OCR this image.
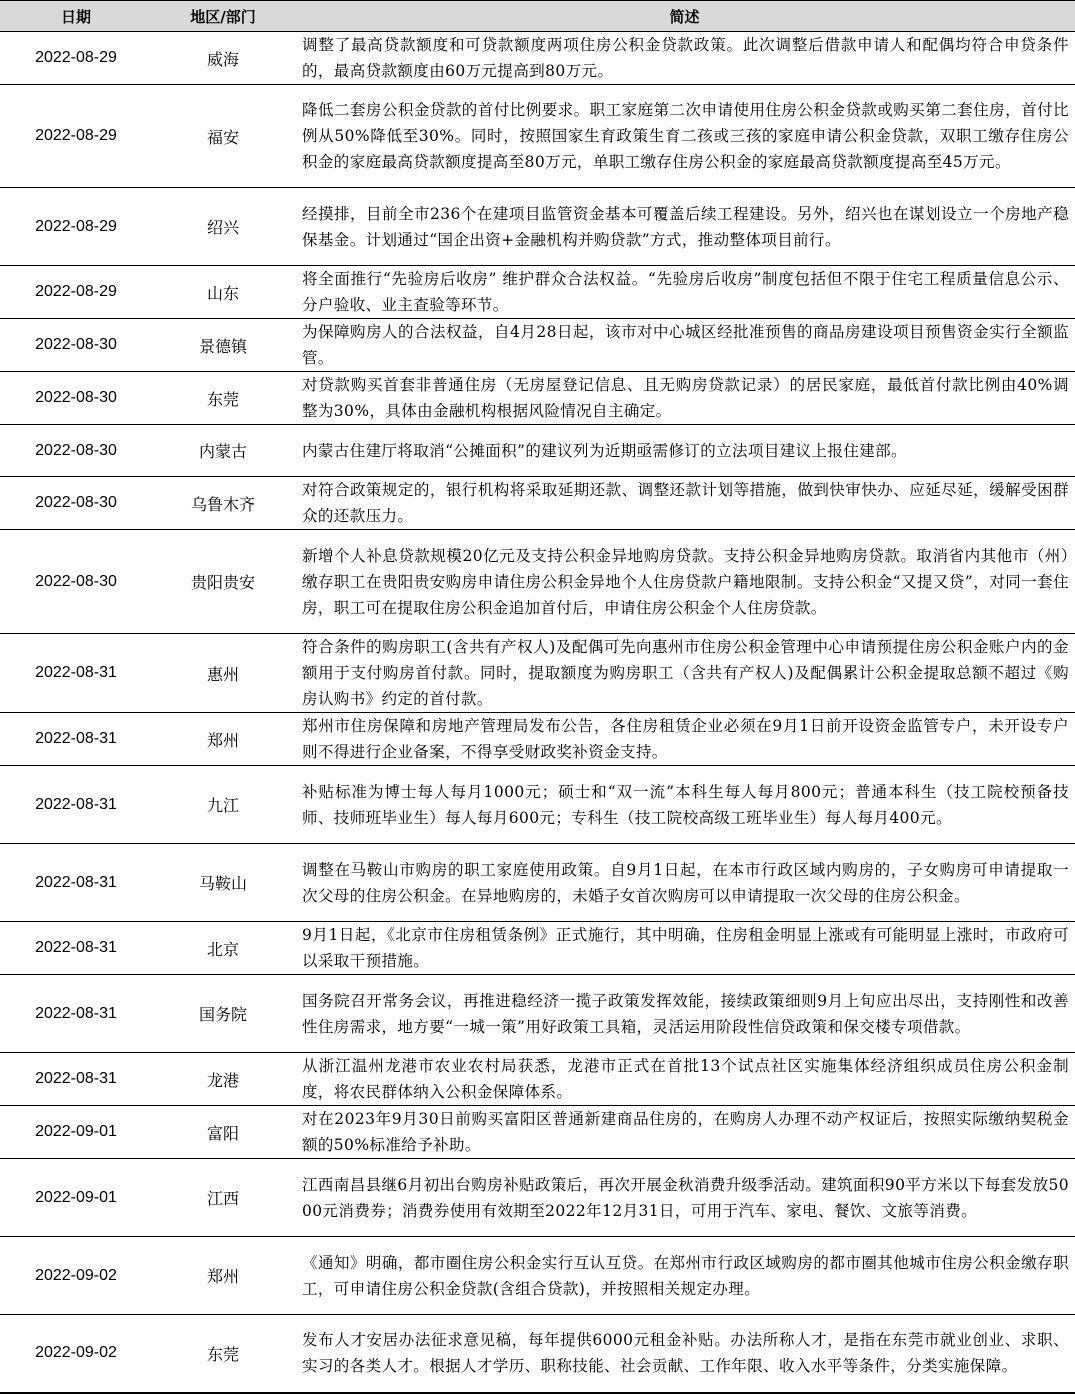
日期	地区/部门	简述
2022-08-29	威海	调整了最高贷款额度和可贷款额度两项住房公积金贷款政策。此次调整后借款申请人和配偶均符合申贷条件的，最高贷款额度由60万元提高到80万元。
2022-08-29	福安	降低二套房公积金贷款的首付比例要求。职工家庭第二次申请使用住房公积金贷款或购买第二套住房，首付比例从50%降低至30%。同时，按照国家生育政策生育二孩或三孩的家庭申请公积金贷款，双职工缴存住房公积金的家庭最高贷款额度提高至80万元，单职工缴存住房公积金的家庭最高贷款额度提高至45万元。
2022-08-29	绍兴	经摸排，目前全市236个在建项目监管资金基本可覆盖后续工程建设。另外，绍兴也在谋划设立一个房地产稳保基金。计划通过“国企出资+金融机构并购贷款”方式，推动整体项目前行。
2022-08-29	山东	将全面推行“先验房后收房” 维护群众合法权益。“先验房后收房”制度包括但不限于住宅工程质量信息公示、分户验收、业主查验等环节。
2022-08-30	景德镇	为保障购房人的合法权益，自4月28日起，该市对中心城区经批准预售的商品房建设项目预售资金实行全额监管。
2022-08-30	东莞	对贷款购买首套非普通住房（无房屋登记信息、且无购房贷款记录）的居民家庭，最低首付款比例由40%调整为30%，具体由金融机构根据风险情况自主确定。
2022-08-30	内蒙古	内蒙古住建厅将取消“公摊面积”的建议列为近期亟需修订的立法项目建议上报住建部。
2022-08-30	乌鲁木齐	对符合政策规定的，银行机构将采取延期还款、调整还款计划等措施，做到快审快办、应延尽延，缓解受困群众的还款压力。
2022-08-30	贵阳贵安	新增个人补息贷款规模20亿元及支持公积金异地购房贷款。支持公积金异地购房贷款。取消省内其他市（州）缴存职工在贵阳贵安购房申请住房公积金异地个人住房贷款户籍地限制。支持公积金“又提又贷”，对同一套住房，职工可在提取住房公积金追加首付后，申请住房公积金个人住房贷款。
2022-08-31	惠州	符合条件的购房职工(含共有产权人)及配偶可先向惠州市住房公积金管理中心申请预提住房公积金账户内的金额用于支付购房首付款。同时，提取额度为购房职工（含共有产权人)及配偶累计公积金提取总额不超过《购房认购书》约定的首付款。
2022-08-31	郑州	郑州市住房保障和房地产管理局发布公告，各住房租赁企业必须在9月1日前开设资金监管专户，未开设专户则不得进行企业备案，不得享受财政奖补资金支持。
2022-08-31	九江	补贴标准为博士每人每月1000元；硕士和“双一流”本科生每人每月800元；普通本科生（技工院校预备技师、技师班毕业生）每人每月600元；专科生（技工院校高级工班毕业生）每人每月400元。
2022-08-31	马鞍山	调整在马鞍山市购房的职工家庭使用政策。自9月1日起，在本市行政区域内购房的，子女购房可申请提取一次父母的住房公积金。在异地购房的，未婚子女首次购房可以申请提取一次父母的住房公积金。
2022-08-31	北京	9月1日起，《北京市住房租赁条例》正式施行，其中明确，住房租金明显上涨或有可能明显上涨时，市政府可以采取干预措施。
2022-08-31	国务院	国务院召开常务会议，再推进稳经济一揽子政策发挥效能，接续政策细则9月上旬应出尽出，支持刚性和改善性住房需求，地方要“一城一策”用好政策工具箱，灵活运用阶段性信贷政策和保交楼专项借款。
2022-08-31	龙港	从浙江温州龙港市农业农村局获悉，龙港市正式在首批13个试点社区实施集体经济组织成员住房公积金制度，将农民群体纳入公积金保障体系。
2022-09-01	富阳	对在2023年9月30日前购买富阳区普通新建商品住房的，在购房人办理不动产权证后，按照实际缴纳契税金额的50%标准给予补助。
2022-09-01	江西	江西南昌县继6月初出台购房补贴政策后，再次开展金秋消费升级季活动。建筑面积90平方米以下每套发放5000元消费券；消费券使用有效期至2022年12月31日，可用于汽车、家电、餐饮、文旅等消费。
2022-09-02	郑州	《通知》明确，都市圈住房公积金实行互认互贷。在郑州市行政区域购房的都市圈其他城市住房公积金缴存职工，可申请住房公积金贷款(含组合贷款)，并按照相关规定办理。
2022-09-02	东莞	发布人才安居办法征求意见稿，每年提供6000元租金补贴。办法所称人才，是指在东莞市就业创业、求职、实习的各类人才。根据人才学历、职称技能、社会贡献、工作年限、收入水平等条件，分类实施保障。
